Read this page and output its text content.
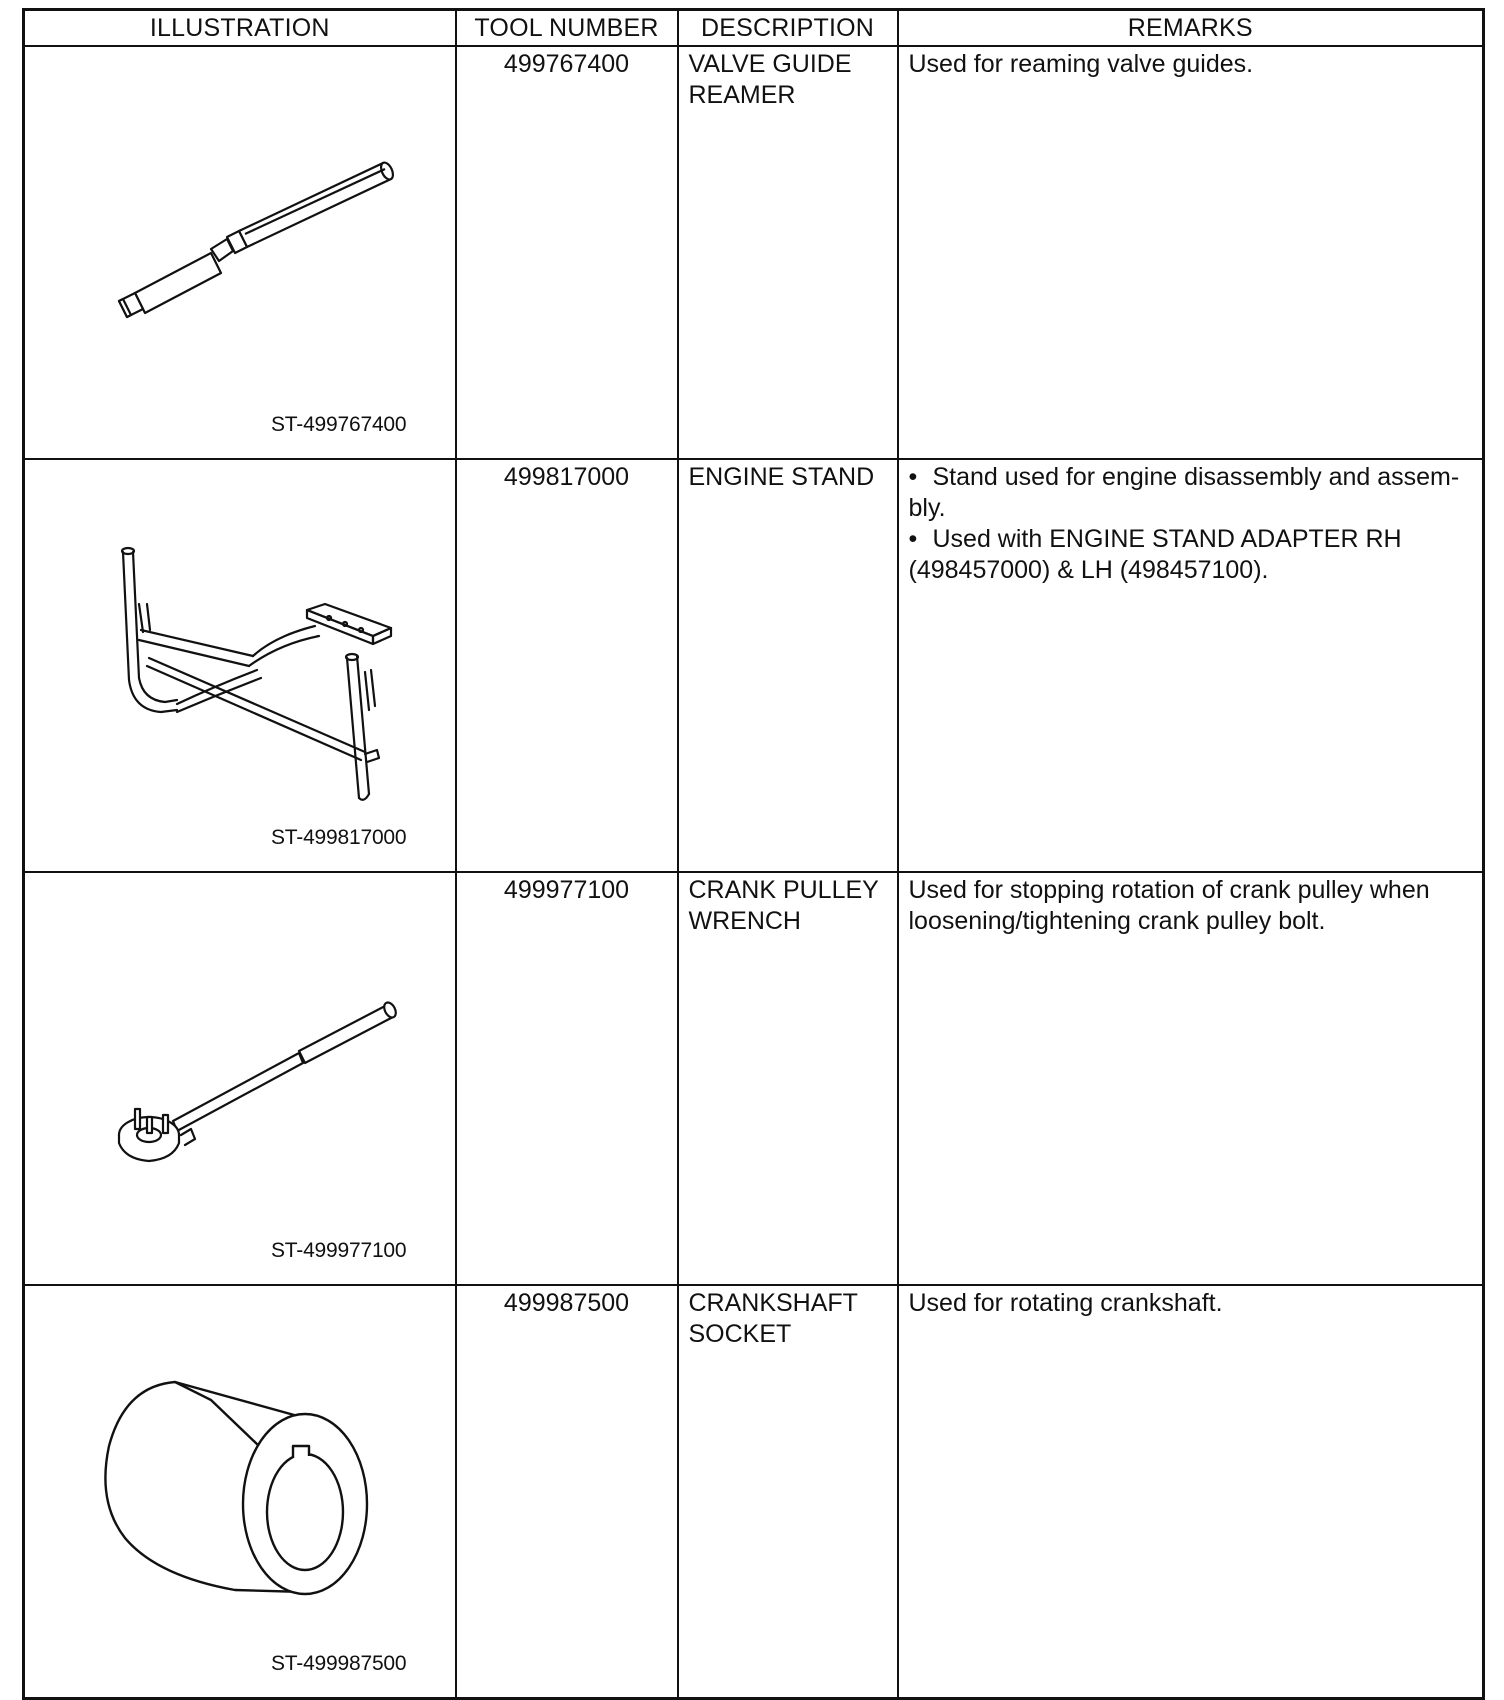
ILLUSTRATION	TOOL NUMBER	DESCRIPTION	REMARKS

ST-499767400	499767400	VALVE GUIDE REAMER	Used for reaming valve guides.

ST-499817000	499817000	ENGINE STAND	• Stand used for engine disassembly and assem-bly.
• Used with ENGINE STAND ADAPTER RH (498457000) & LH (498457100).

ST-499977100	499977100	CRANK PULLEY WRENCH	Used for stopping rotation of crank pulley when loosening/tightening crank pulley bolt.

ST-499987500	499987500	CRANKSHAFT SOCKET	Used for rotating crankshaft.
